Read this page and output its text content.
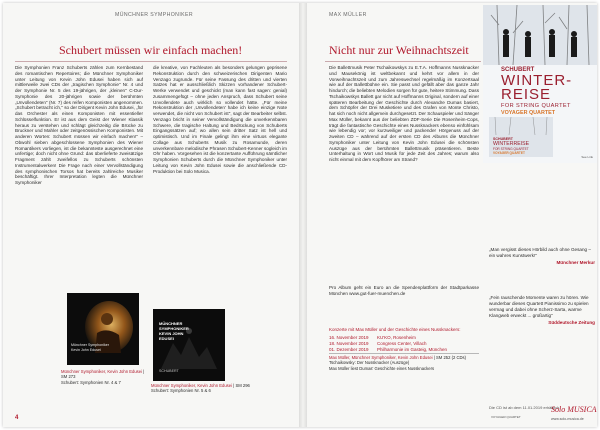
MÜNCHNER SYMPHONIKER
Schubert müssen wir einfach machen!

Die Symphonien Franz Schuberts zählen zum Kernbestand des romantischen Repertoires; die Münchner Symphoniker unter Leitung von Kevin John Edusei haben sich auf mittlerweile zwei CDs der „tragischen Symphonie" Nr. 4 und der Symphonie Nr. 5 des 19-jährigen, der „kleinen" C-Dur-Symphonie des 20-jährigen sowie der berühmten „Unvollendeten" (Nr. 7) des reifen Komponisten angenommen. „Schubert betracht ich," so der Dirigent Kevin John Edusei, „für das Orchester als einen Komponisten mit essentieller Schlüsselfunktion. Er ist aus dem Geist der Wiener Klassik heraus zu verstehen und schlägt gleichzeitig die Brücke zu Bruckner und Mahler oder zeitgenössischen Komponisten. Mit anderen Worten: Schubert müssen wir einfach machen!" – Obwohl sieben abgeschlossene Symphonien des Wiener Romantikers vorliegen, ist die bekannteste ausgerechnet eine unfertige; doch nicht ohne Grund: das überlieferte zweisätzige Fragment zählt zweifellos zu Schuberts schönsten Instrumentalwerken! Die Frage nach einer Vervollständigung des symphonischen Torsos hat bereits zahlreiche Musiker beschäftigt. Ihrer Interpretation legten die Münchner Symphoniker

die kreative, von Fachleuten als besonders gelungen geprisene Rekonstruktion durch den schweizerischen Dirigenten Mario Venzago zugrunde. Für seine Fassung des dritten und vierten Satzes hat er ausschließlich Skizzen vorhandener Schubert-Werke verwendet und geschickt (man kann fast sagen: genial) zusammengefügt – ohne jeden Anspruch, dass Schubert seine Unvollendete auch wirklich so vollendet hätte. „Für meine Rekonstruktion der ,Unvollendeten' habe ich keine einzige Note verwendet, die nicht von Schubert ist", sagt der Bearbeiter selbst. Venzago bricht in seiner Vervollständigung die unverkennbaren Schwere, die tragische Haltung und Bedrückung von Schuberts Eingangssätzen auf; wo allen sein dritter Satz ist hell und optimistisch. Und im Finale gelingt ihm eine virtuos elegante Collage aus Schuberts Musik zu Rosamunde, deren unverkennbare melodische Phrasen Schubert-Kenner sogleich im Ohr haben. Vorgesehen ist die konzertante Aufführung sämtlicher Symphonien Schuberts durch die Münchner Symphoniker unter Leitung von Kevin John Edusei sowie die anschließende CD-Produktion bei Solo Musica.

Münchner Symphoniker
Kevin John Edusei
Münchner Symphoniker, Kevin John Edusei | SM 273
Schubert: Symphonien Nr. 4 & 7
MÜNCHNER
SYMPHONIKER
KEVIN JOHN
EDUSEI
SCHUBERT
Münchner Symphoniker, Kevin John Edusei | SM 296
Schubert: Symphonien Nr. 5 & 6
4
MAX MÜLLER
Nicht nur zur Weihnachtszeit

Die Ballettmusik Peter Tschaikowskys zu E.T.A. Hoffmanns Nussknacker und Mausekönig ist weltbekannt und kehrt vor allem in der Vorweihnachtszeit und zum Jahreswechsel regelmäßig im Konzertsaal wie auf der Ballettbühne ein. Sie passt und gefällt aber das ganze Jahr hindurch; die beliebten Melodien sorgen für gute, heitere Stimmung. Dass Tschaikowskys Ballett gar nicht auf Hoffmanns Original, sondern auf einer späteren Bearbeitung der Geschichte durch Alexandre Dumas basiert, dem Schöpfer der Drei Musketiere und des Grafen von Monte Christo, hat sich noch nicht allgemein durchgesetzt. Der Schauspieler und Sänger Max Müller, bekannt aus der beliebten ZDF-Serie Die Rosenheim-Cops, trägt die fantastische Geschichte eines Nussknackers ebenso einfühlsam wie lebendig vor; vor kurzweiliger und packender Hörgenuss auf der zweiten CD – während auf der ersten CD des Albums die Münchner Symphoniker unter Leitung von Kevin John Edusei die schönsten Auszüge aus der berühmten Ballettmusik präsentieren. Beste Unterhaltung in Wort und Musik für jede Zeit des Jahres; warum also nicht einmal mit dem Kopfhörer am Strand?

Pro Album geht ein Euro an die Spendenplattform der Stadtparkasse München www.gut-fuer-muenchen.de

Konzerte mit Max Müller und der Geschichte eines Nussknackers:
16. November 2019	KU'KO, Rosenheim
18. November 2019	Congress Center, Villach
01. Dezember 2019	Philharmonie im Gasteig, München
Max Müller, Münchner Symphoniker, Kevin John Edusei | SM 252 (2 CDs)
Tschaikowsky: Der Nussknacker (Auszüge)
Max Müller liest Dumas' Geschichte eines Nussknackers
SCHUBERT
WINTER-
REISE
FOR STRING QUARTET
VOYAGER QUARTET
SCHUBERT
WINTERREISE
FOR STRING QUARTET
VOYAGER QUARTET
See Link
„Man vergisst dieses Hörbild auch ohne Gesang – ein wahres Kunstwerk!"
Münchner Merkur
„Fein rauschende Momente waren zu hören. Wie wunderbar dieses Quartett Pianissimo zu spielen vermag und dabei ohne Scherz-Sarta, warme Klangweb erweckt ... großartig"
Süddeutsche Zeitung
Die CD ist ab dem 11.01.2019 erhältlich.
VOYAGER QUARTET
Solo MUSICA
www.solo-musica.de
